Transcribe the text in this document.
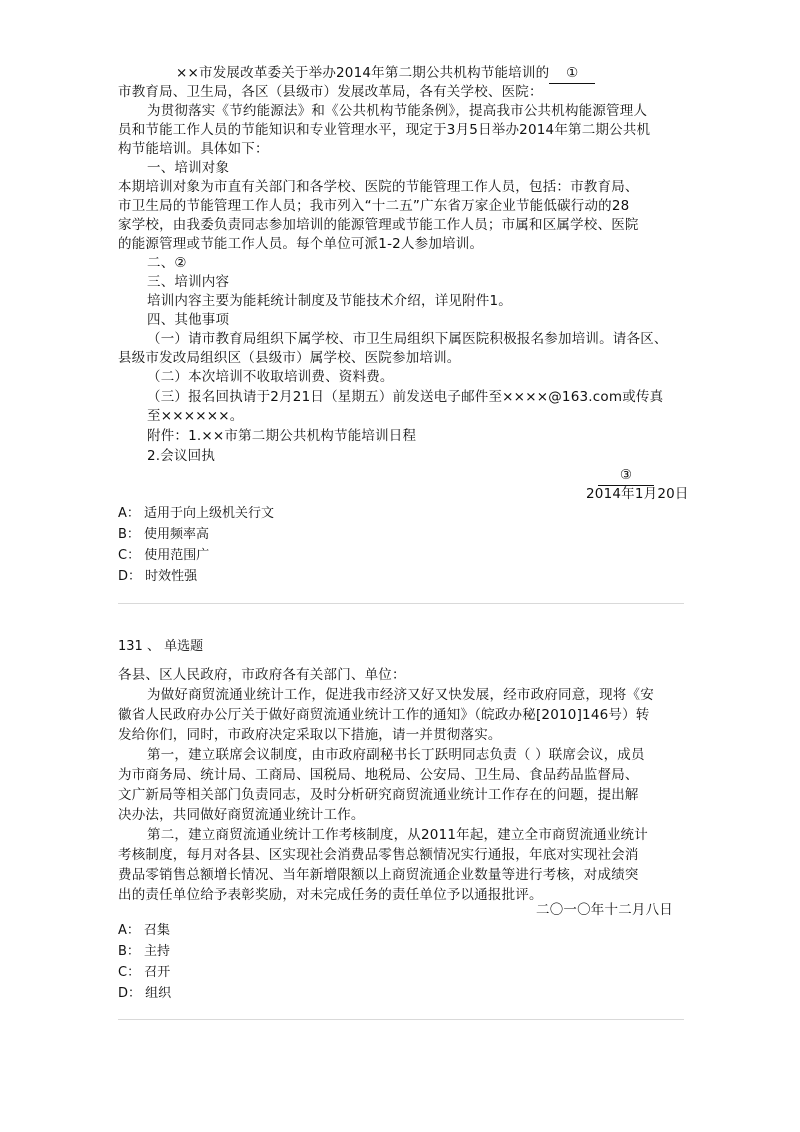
××市发展改革委关于举办2014年第二期公共机构节能培训的 ①
市教育局、卫生局，各区（县级市）发展改革局，各有关学校、医院：
为贯彻落实《节约能源法》和《公共机构节能条例》，提高我市公共机构能源管理人
员和节能工作人员的节能知识和专业管理水平，现定于3月5日举办2014年第二期公共机
构节能培训。具体如下：
一、培训对象
本期培训对象为市直有关部门和各学校、医院的节能管理工作人员，包括：市教育局、
市卫生局的节能管理工作人员；我市列入“十二五”广东省万家企业节能低碳行动的28
家学校，由我委负责同志参加培训的能源管理或节能工作人员；市属和区属学校、医院
的能源管理或节能工作人员。每个单位可派1-2人参加培训。
二、②
三、培训内容
培训内容主要为能耗统计制度及节能技术介绍，详见附件1。
四、其他事项
（一）请市教育局组织下属学校、市卫生局组织下属医院积极报名参加培训。请各区、
县级市发改局组织区（县级市）属学校、医院参加培训。
（二）本次培训不收取培训费、资料费。
（三）报名回执请于2月21日（星期五）前发送电子邮件至××××@163.com或传真
至××××××。
附件：1.××市第二期公共机构节能培训日程
2.会议回执
③
2014年1月20日
A： 适用于向上级机关行文
B： 使用频率高
C： 使用范围广
D： 时效性强
131 、 单选题
各县、区人民政府，市政府各有关部门、单位：
为做好商贸流通业统计工作，促进我市经济又好又快发展，经市政府同意，现将《安
徽省人民政府办公厅关于做好商贸流通业统计工作的通知》（皖政办秘[2010]146号）转
发给你们，同时，市政府决定采取以下措施，请一并贯彻落实。
第一，建立联席会议制度，由市政府副秘书长丁跃明同志负责（ ）联席会议，成员
为市商务局、统计局、工商局、国税局、地税局、公安局、卫生局、食品药品监督局、
文广新局等相关部门负责同志，及时分析研究商贸流通业统计工作存在的问题，提出解
决办法，共同做好商贸流通业统计工作。
第二，建立商贸流通业统计工作考核制度，从2011年起，建立全市商贸流通业统计
考核制度，每月对各县、区实现社会消费品零售总额情况实行通报，年底对实现社会消
费品零销售总额增长情况、当年新增限额以上商贸流通企业数量等进行考核，对成绩突
出的责任单位给予表彰奖励，对未完成任务的责任单位予以通报批评。
二〇一〇年十二月八日
A： 召集
B： 主持
C： 召开
D： 组织
